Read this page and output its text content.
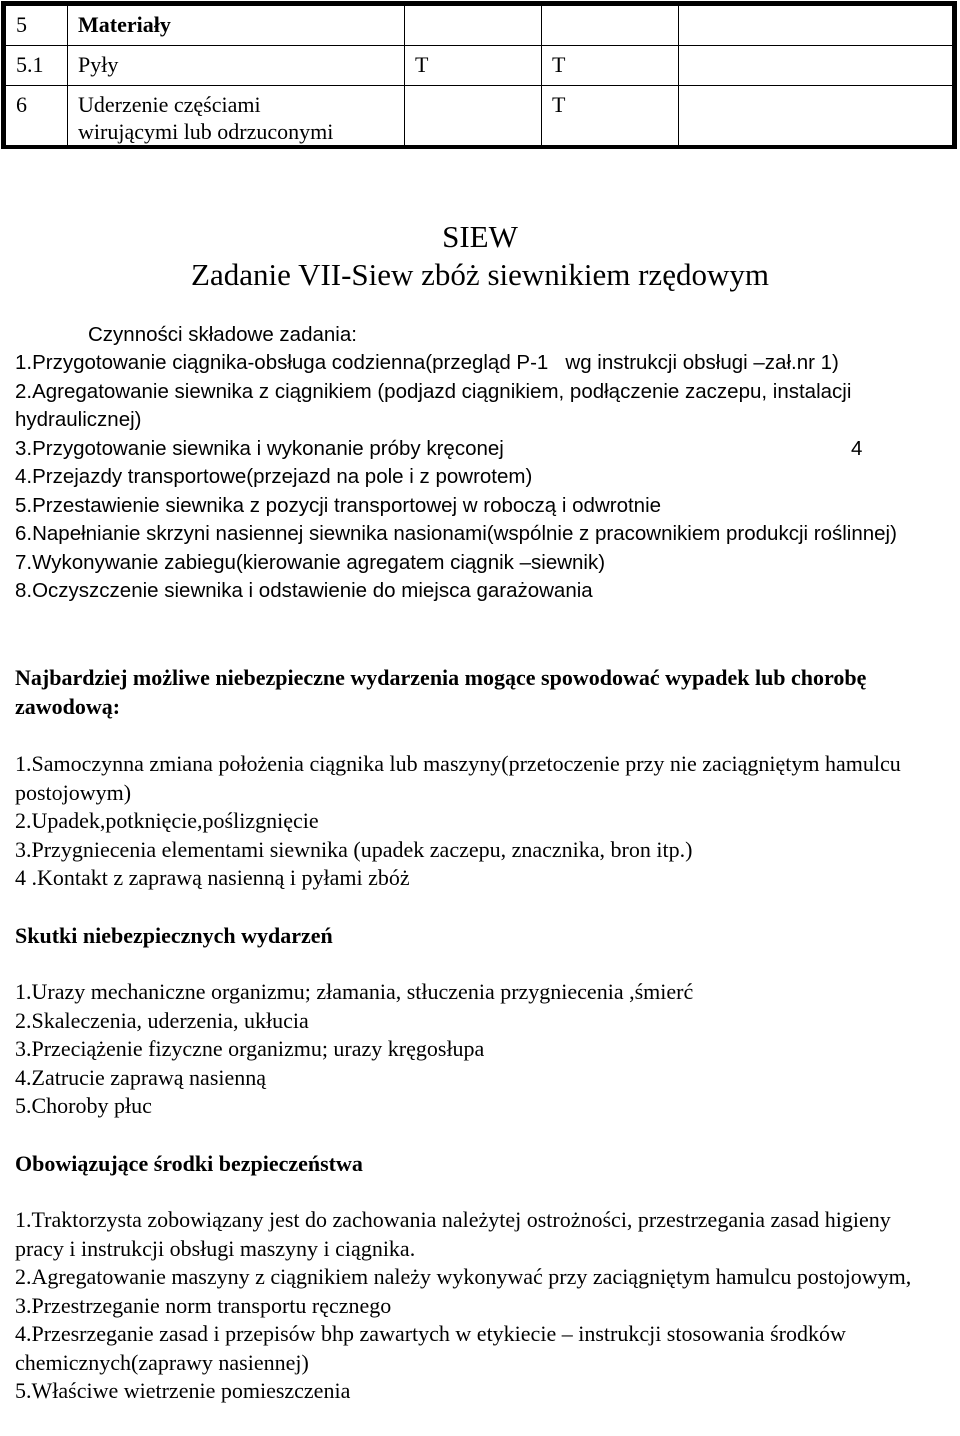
5	Materiały			
5.1	Pyły	T	T	
6	Uderzenie częściami wirującymi lub odrzuconymi		T	
SIEW
Zadanie VII-Siew zbóż siewnikiem rzędowym
Czynności składowe zadania:
1.Przygotowanie ciągnika-obsługa codzienna(przegląd P-1   wg instrukcji obsługi –zał.nr 1)
2.Agregatowanie siewnika z ciągnikiem (podjazd ciągnikiem, podłączenie zaczepu, instalacji hydraulicznej)
3.Przygotowanie siewnika i wykonanie próby kręconej	4
4.Przejazdy transportowe(przejazd na pole i z powrotem)
5.Przestawienie siewnika z pozycji transportowej w roboczą i odwrotnie
6.Napełnianie skrzyni nasiennej siewnika nasionami(wspólnie z pracownikiem produkcji roślinnej)
7.Wykonywanie zabiegu(kierowanie agregatem ciągnik –siewnik)
8.Oczyszczenie siewnika i odstawienie do miejsca garażowania
Najbardziej możliwe niebezpieczne wydarzenia mogące spowodować wypadek lub chorobę zawodową:
1.Samoczynna zmiana położenia ciągnika lub maszyny(przetoczenie przy nie zaciągniętym hamulcu postojowym)
2.Upadek,potknięcie,poślizgnięcie
3.Przygniecenia elementami siewnika (upadek zaczepu, znacznika, bron itp.)
4 .Kontakt z zaprawą nasienną i pyłami zbóż
Skutki niebezpiecznych wydarzeń
1.Urazy mechaniczne organizmu; złamania, stłuczenia przygniecenia ,śmierć
2.Skaleczenia, uderzenia, ukłucia
3.Przeciążenie fizyczne organizmu; urazy kręgosłupa
4.Zatrucie zaprawą nasienną
5.Choroby płuc
Obowiązujące środki bezpieczeństwa
1.Traktorzysta zobowiązany jest do zachowania należytej ostrożności, przestrzegania zasad higieny pracy i instrukcji obsługi maszyny i ciągnika.
2.Agregatowanie maszyny z ciągnikiem należy wykonywać przy zaciągniętym hamulcu postojowym,
3.Przestrzeganie norm transportu ręcznego
4.Przesrzeganie zasad i przepisów bhp zawartych w etykiecie – instrukcji stosowania środków chemicznych(zaprawy nasiennej)
5.Właściwe wietrzenie pomieszczenia
